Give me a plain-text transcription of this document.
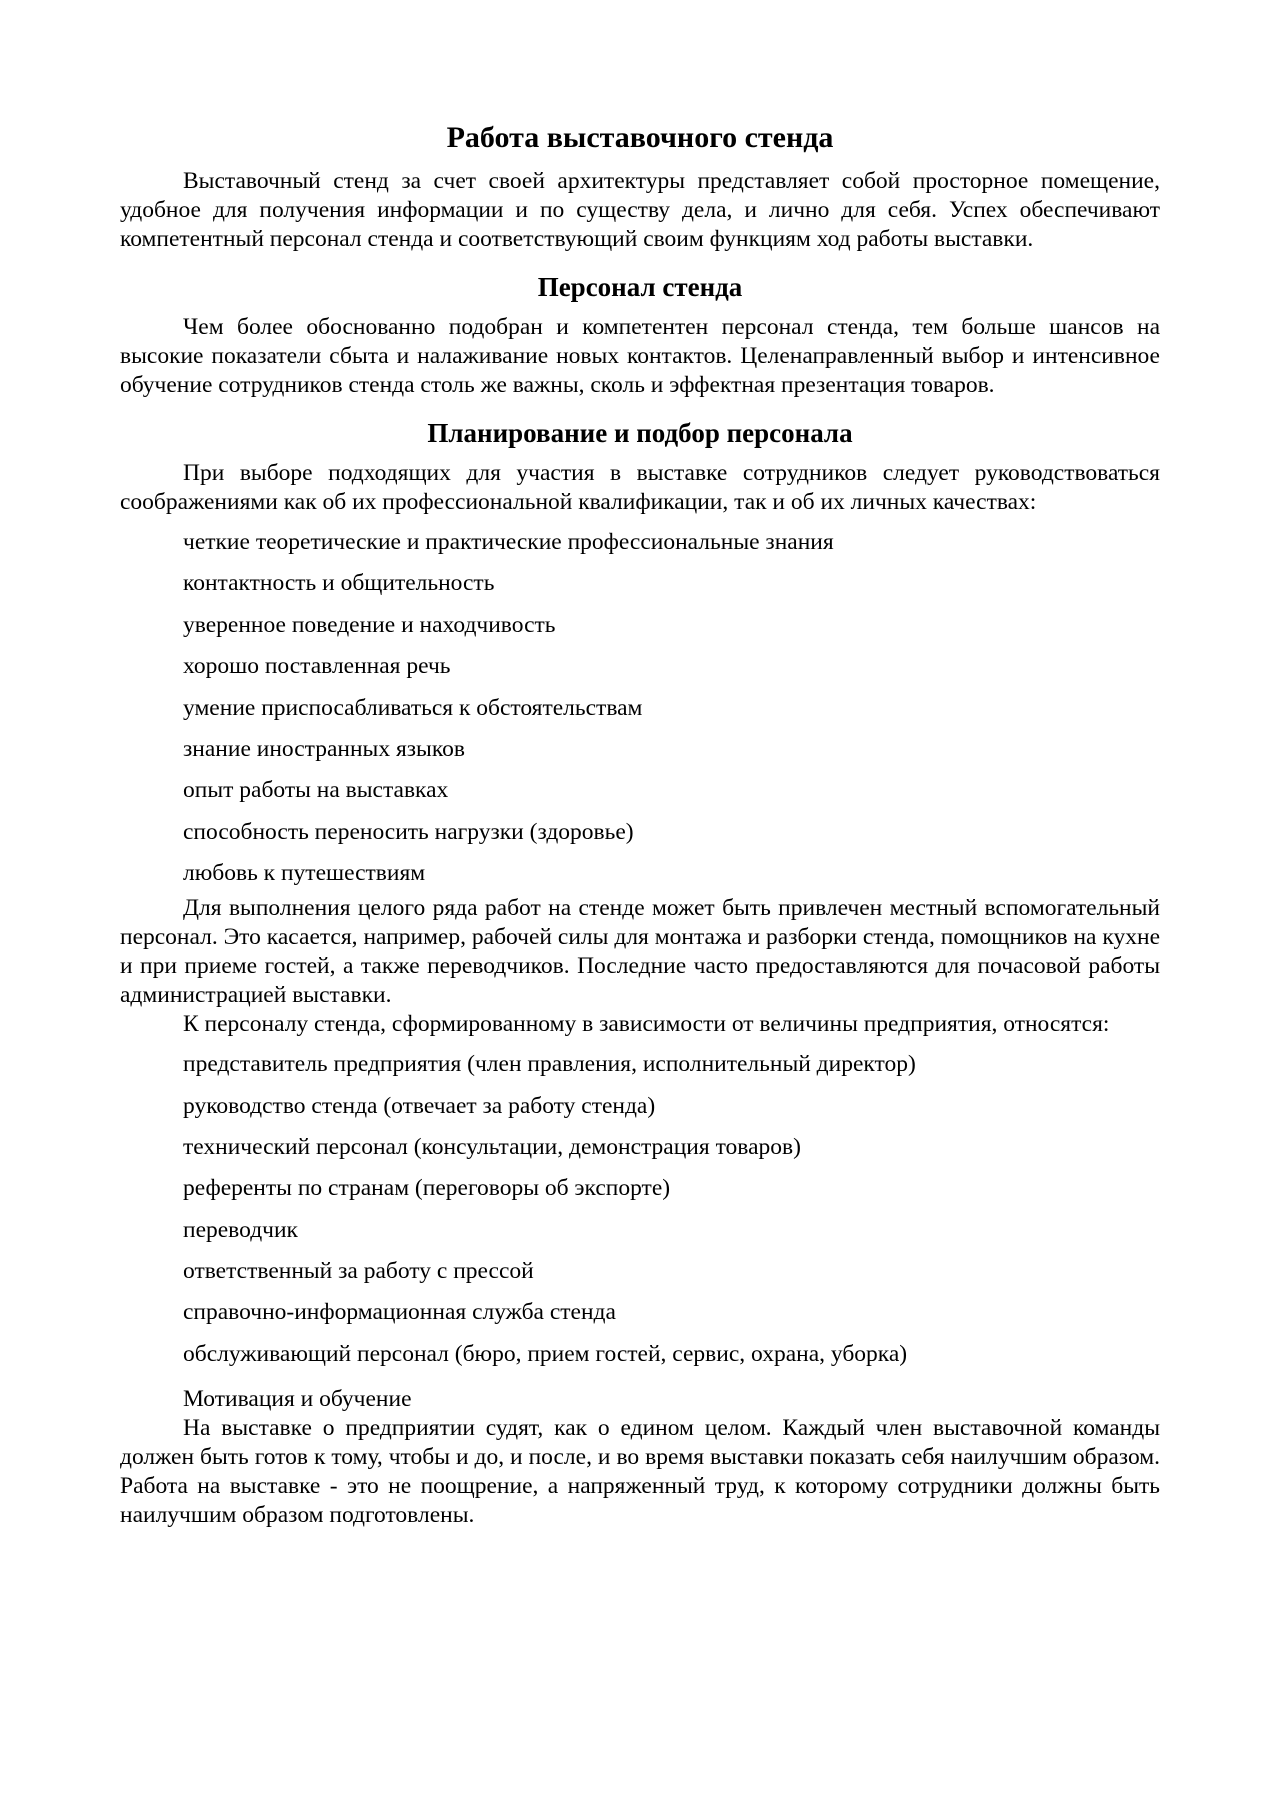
Работа выставочного стенда

Выставочный стенд за счет своей архитектуры представляет собой просторное помещение, удобное для получения информации и по существу дела, и лично для себя. Успех обеспечивают компетентный персонал стенда и соответствующий своим функциям ход работы выставки.

Персонал стенда

Чем более обоснованно подобран и компетентен персонал стенда, тем больше шансов на высокие показатели сбыта и налаживание новых контактов. Целенаправленный выбор и интенсивное обучение сотрудников стенда столь же важны, сколь и эффектная презентация товаров.

Планирование и подбор персонала

При выборе подходящих для участия в выставке сотрудников следует руководствоваться соображениями как об их профессиональной квалификации, так и об их личных качествах:

четкие теоретические и практические профессиональные знания
контактность и общительность
уверенное поведение и находчивость
хорошо поставленная речь
умение приспосабливаться к обстоятельствам
знание иностранных языков
опыт работы на выставках
способность переносить нагрузки (здоровье)
любовь к путешествиям

Для выполнения целого ряда работ на стенде может быть привлечен местный вспомогательный персонал. Это касается, например, рабочей силы для монтажа и разборки стенда, помощников на кухне и при приеме гостей, а также переводчиков. Последние часто предоставляются для почасовой работы администрацией выставки.

К персоналу стенда, сформированному в зависимости от величины предприятия, относятся:

представитель предприятия (член правления, исполнительный директор)
руководство стенда (отвечает за работу стенда)
технический персонал (консультации, демонстрация товаров)
референты по странам (переговоры об экспорте)
переводчик
ответственный за работу с прессой
справочно-информационная служба стенда
обслуживающий персонал (бюро, прием гостей, сервис, охрана, уборка)

Мотивация и обучение

На выставке о предприятии судят, как о едином целом. Каждый член выставочной команды должен быть готов к тому, чтобы и до, и после, и во время выставки показать себя наилучшим образом. Работа на выставке - это не поощрение, а напряженный труд, к которому сотрудники должны быть наилучшим образом подготовлены.
